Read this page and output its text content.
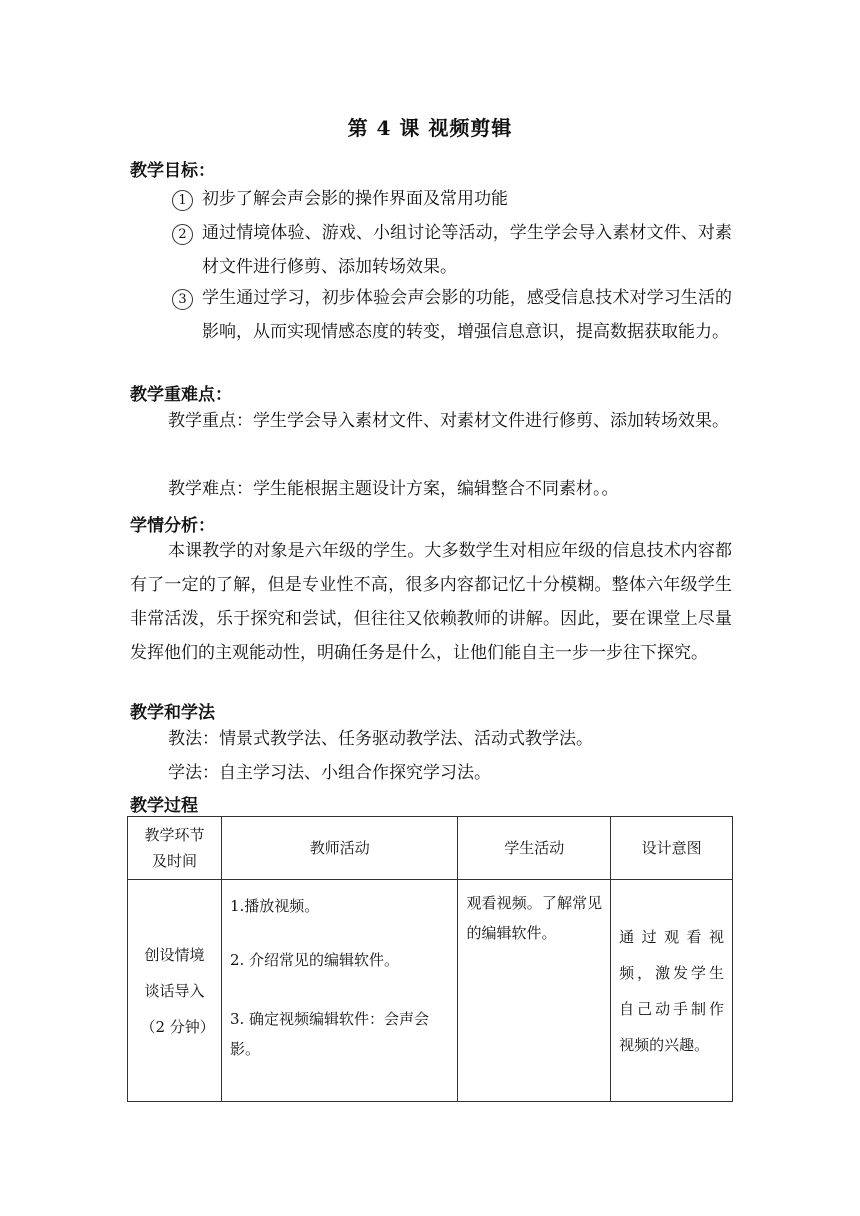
第 4 课 视频剪辑
教学目标：
1 初步了解会声会影的操作界面及常用功能
2 通过情境体验、游戏、小组讨论等活动，学生学会导入素材文件、对素材文件进行修剪、添加转场效果。
3 学生通过学习，初步体验会声会影的功能，感受信息技术对学习生活的影响，从而实现情感态度的转变，增强信息意识，提高数据获取能力。
教学重难点：
教学重点：学生学会导入素材文件、对素材文件进行修剪、添加转场效果。
教学难点：学生能根据主题设计方案，编辑整合不同素材。。
学情分析：
本课教学的对象是六年级的学生。大多数学生对相应年级的信息技术内容都有了一定的了解，但是专业性不高，很多内容都记忆十分模糊。整体六年级学生非常活泼，乐于探究和尝试，但往往又依赖教师的讲解。因此，要在课堂上尽量发挥他们的主观能动性，明确任务是什么，让他们能自主一步一步往下探究。
教学和学法
教法：情景式教学法、任务驱动教学法、活动式教学法。
学法：自主学习法、小组合作探究学习法。
教学过程
教学环节及时间	教师活动	学生活动	设计意图

创设情境谈话导入（2 分钟）	1.播放视频。
2. 介绍常见的编辑软件。
3. 确定视频编辑软件：会声会影。	观看视频。了解常见的编辑软件。	通过观看视频，激发学生自己动手制作视频的兴趣。
